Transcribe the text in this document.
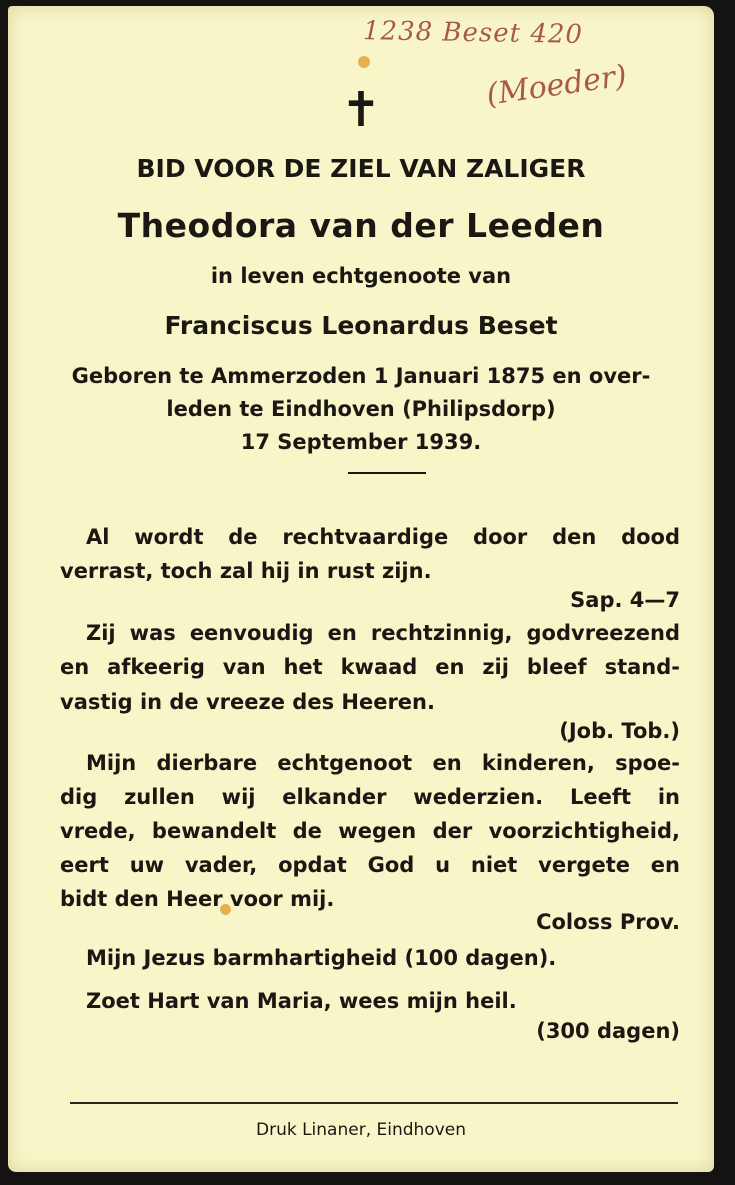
1238 Beset 420
(Moeder)
✝
BID VOOR DE ZIEL VAN ZALIGER
Theodora van der Leeden
in leven echtgenoote van
Franciscus Leonardus Beset
Geboren te Ammerzoden 1 Januari 1875 en over-
leden te Eindhoven (Philipsdorp)
17 September 1939.
Al wordt de rechtvaardige door den dood
verrast, toch zal hij in rust zijn.
Sap. 4—7
Zij was eenvoudig en rechtzinnig, godvreezend
en afkeerig van het kwaad en zij bleef stand-
vastig in de vreeze des Heeren.
(Job. Tob.)
Mijn dierbare echtgenoot en kinderen, spoe-
dig zullen wij elkander wederzien. Leeft in
vrede, bewandelt de wegen der voorzichtigheid,
eert uw vader, opdat God u niet vergete en
bidt den Heer voor mij.
Coloss Prov.
Mijn Jezus barmhartigheid (100 dagen).
Zoet Hart van Maria, wees mijn heil.
(300 dagen)
Druk Linaner, Eindhoven
